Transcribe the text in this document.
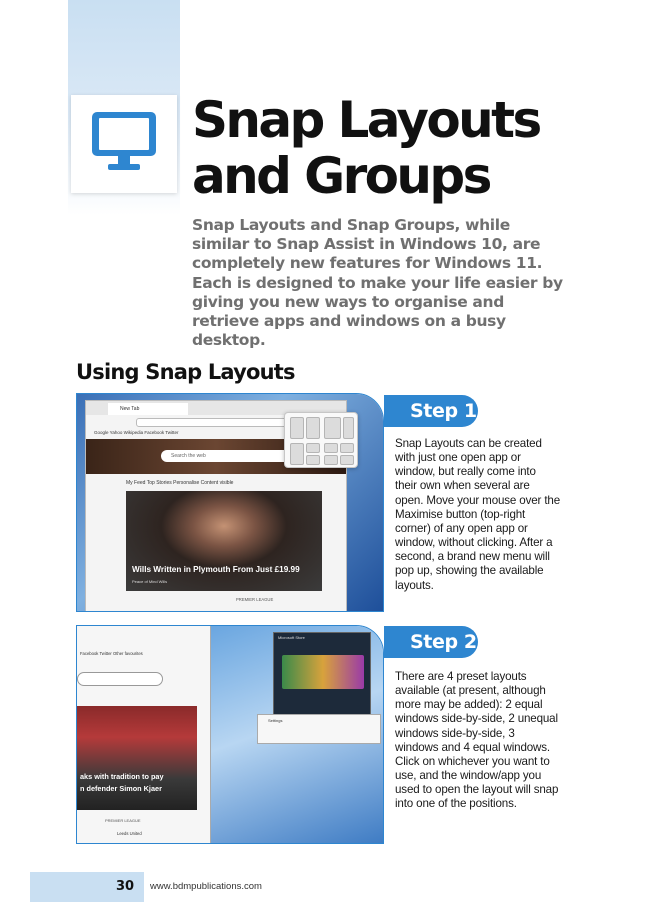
Snap Layouts
and Groups

Snap Layouts and Snap Groups, while similar to Snap Assist in Windows 10, are completely new features for Windows 11. Each is designed to make your life easier by giving you new ways to organise and retrieve apps and windows on a busy desktop.

Using Snap Layouts
New Tab
Google Yahoo Wikipedia Facebook Twitter
Search the web
My Feed Top Stories Personalise Content visible
Wills Written in Plymouth From Just £19.99
Peace of Mind Wills
PREMIER LEAGUE
Step 1

Snap Layouts can be created with just one open app or window, but really come into their own when several are open. Move your mouse over the Maximise button (top-right corner) of any open app or window, without clicking. After a second, a brand new menu will pop up, showing the available layouts.

Facebook Twitter Other favourites
aks with tradition to pay
n defender Simon Kjaer
PREMIER LEAGUE
Leeds United
Microsoft Store
Settings
Step 2

There are 4 preset layouts available (at present, although more may be added): 2 equal windows side-by-side, 2 unequal windows side-by-side, 3 windows and 4 equal windows. Click on whichever you want to use, and the window/app you used to open the layout will snap into one of the positions.

30 www.bdmpublications.com
